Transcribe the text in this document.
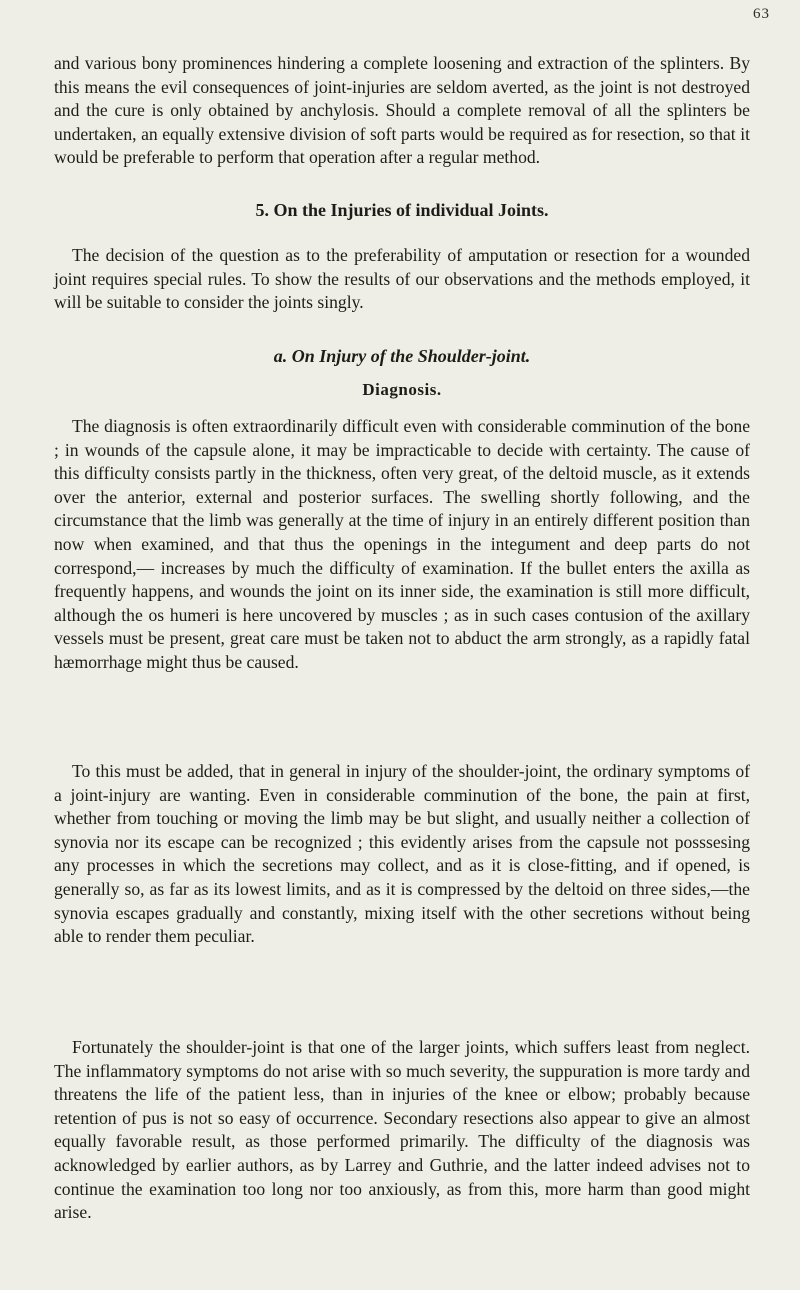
63

and various bony prominences hindering a complete loosening and extraction of the splinters. By this means the evil consequences of joint-injuries are seldom averted, as the joint is not destroyed and the cure is only obtained by anchylosis. Should a complete removal of all the splinters be undertaken, an equally extensive division of soft parts would be required as for resection, so that it would be preferable to perform that operation after a regular method.

5. On the Injuries of individual Joints.

The decision of the question as to the preferability of amputation or resection for a wounded joint requires special rules. To show the results of our observations and the methods employed, it will be suitable to consider the joints singly.

a. On Injury of the Shoulder-joint.
Diagnosis.

The diagnosis is often extraordinarily difficult even with considerable comminution of the bone ; in wounds of the capsule alone, it may be impracticable to decide with certainty. The cause of this difficulty consists partly in the thickness, often very great, of the deltoid muscle, as it extends over the anterior, external and posterior surfaces. The swelling shortly following, and the circumstance that the limb was generally at the time of injury in an entirely different position than now when examined, and that thus the openings in the integument and deep parts do not correspond,— increases by much the difficulty of examination. If the bullet enters the axilla as frequently happens, and wounds the joint on its inner side, the examination is still more difficult, although the os humeri is here uncovered by muscles ; as in such cases contusion of the axillary vessels must be present, great care must be taken not to abduct the arm strongly, as a rapidly fatal hæmorrhage might thus be caused.

To this must be added, that in general in injury of the shoulder-joint, the ordinary symptoms of a joint-injury are wanting. Even in considerable comminution of the bone, the pain at first, whether from touching or moving the limb may be but slight, and usually neither a collection of synovia nor its escape can be recognized ; this evidently arises from the capsule not posssesing any processes in which the secretions may collect, and as it is close-fitting, and if opened, is generally so, as far as its lowest limits, and as it is compressed by the deltoid on three sides,—the synovia escapes gradually and constantly, mixing itself with the other secretions without being able to render them peculiar.

Fortunately the shoulder-joint is that one of the larger joints, which suffers least from neglect. The inflammatory symptoms do not arise with so much severity, the suppuration is more tardy and threatens the life of the patient less, than in injuries of the knee or elbow; probably because retention of pus is not so easy of occurrence. Secondary resections also appear to give an almost equally favorable result, as those performed primarily. The difficulty of the diagnosis was acknowledged by earlier authors, as by Larrey and Guthrie, and the latter indeed advises not to continue the examination too long nor too anxiously, as from this, more harm than good might arise.
